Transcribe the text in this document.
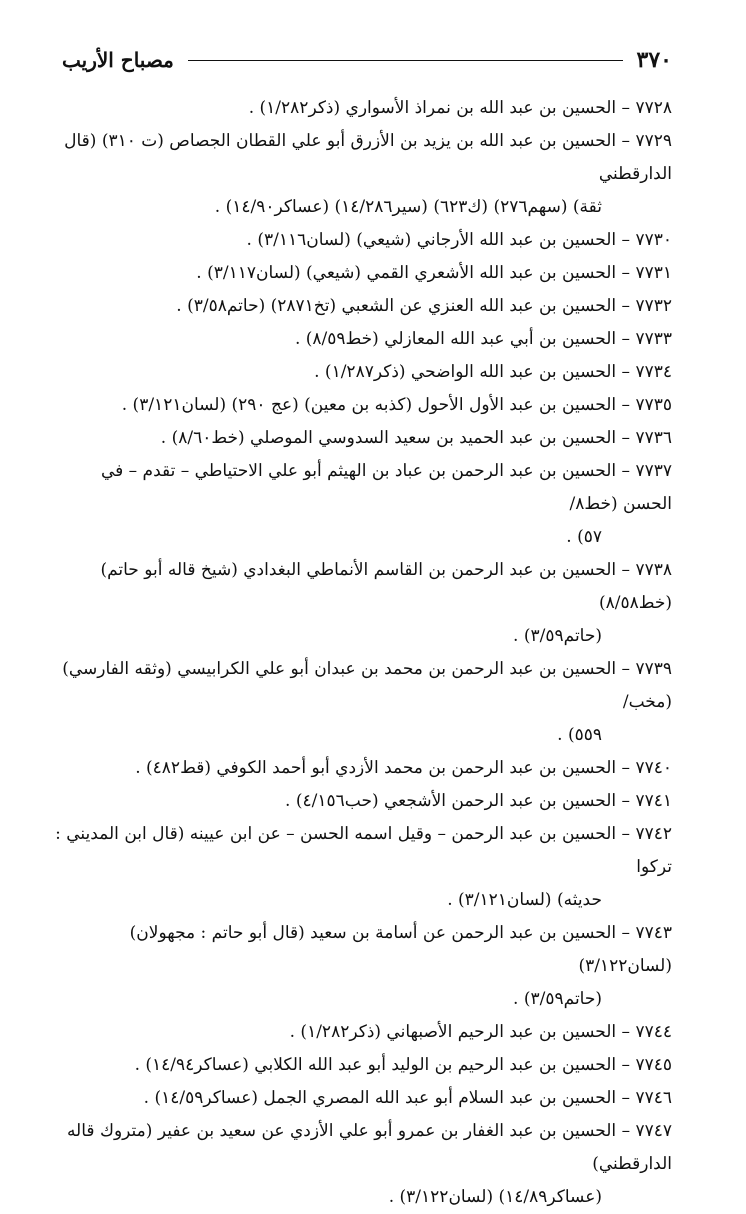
٣٧٠
مصباح الأريب
٧٧٢٨ – الحسين بن عبد الله بن نمراذ الأسواري (ذكر١/٢٨٢) .
٧٧٢٩ – الحسين بن عبد الله بن يزيد بن الأزرق أبو علي القطان الجصاص (ت ٣١٠) (قال الدارقطني
ثقة) (سهم٢٧٦) (ك٦٢٣) (سير١٤/٢٨٦) (عساكر١٤/٩٠) .
٧٧٣٠ – الحسين بن عبد الله الأرجاني (شيعي) (لسان٣/١١٦) .
٧٧٣١ – الحسين بن عبد الله الأشعري القمي (شيعي) (لسان٣/١١٧) .
٧٧٣٢ – الحسين بن عبد الله العنزي عن الشعبي (تخ٢٨٧١) (حاتم٣/٥٨) .
٧٧٣٣ – الحسين بن أبي عبد الله المعازلي (خط٨/٥٩) .
٧٧٣٤ – الحسين بن عبد الله الواضحي (ذكر١/٢٨٧) .
٧٧٣٥ – الحسين بن عبد الأول الأحول (كذبه بن معين) (عج ٢٩٠) (لسان٣/١٢١) .
٧٧٣٦ – الحسين بن عبد الحميد بن سعيد السدوسي الموصلي (خط٨/٦٠) .
٧٧٣٧ – الحسين بن عبد الرحمن بن عباد بن الهيثم أبو علي الاحتياطي – تقدم – في الحسن (خط٨/
٥٧) .
٧٧٣٨ – الحسين بن عبد الرحمن بن القاسم الأنماطي البغدادي (شيخ قاله أبو حاتم) (خط٨/٥٨)
(حاتم٣/٥٩) .
٧٧٣٩ – الحسين بن عبد الرحمن بن محمد بن عبدان أبو علي الكرابيسي (وثقه الفارسي) (مخب/
٥٥٩) .
٧٧٤٠ – الحسين بن عبد الرحمن بن محمد الأزدي أبو أحمد الكوفي (قط٤٨٢) .
٧٧٤١ – الحسين بن عبد الرحمن الأشجعي (حب٤/١٥٦) .
٧٧٤٢ – الحسين بن عبد الرحمن – وقيل اسمه الحسن – عن ابن عيينه (قال ابن المديني : تركوا
حديثه) (لسان٣/١٢١) .
٧٧٤٣ – الحسين بن عبد الرحمن عن أسامة بن سعيد (قال أبو حاتم : مجهولان) (لسان٣/١٢٢)
(حاتم٣/٥٩) .
٧٧٤٤ – الحسين بن عبد الرحيم الأصبهاني (ذكر١/٢٨٢) .
٧٧٤٥ – الحسين بن عبد الرحيم بن الوليد أبو عبد الله الكلابي (عساكر١٤/٩٤) .
٧٧٤٦ – الحسين بن عبد السلام أبو عبد الله المصري الجمل (عساكر١٤/٥٩) .
٧٧٤٧ – الحسين بن عبد الغفار بن عمرو أبو علي الأزدي عن سعيد بن عفير (متروك قاله الدارقطني)
(عساكر١٤/٨٩) (لسان٣/١٢٢) .
